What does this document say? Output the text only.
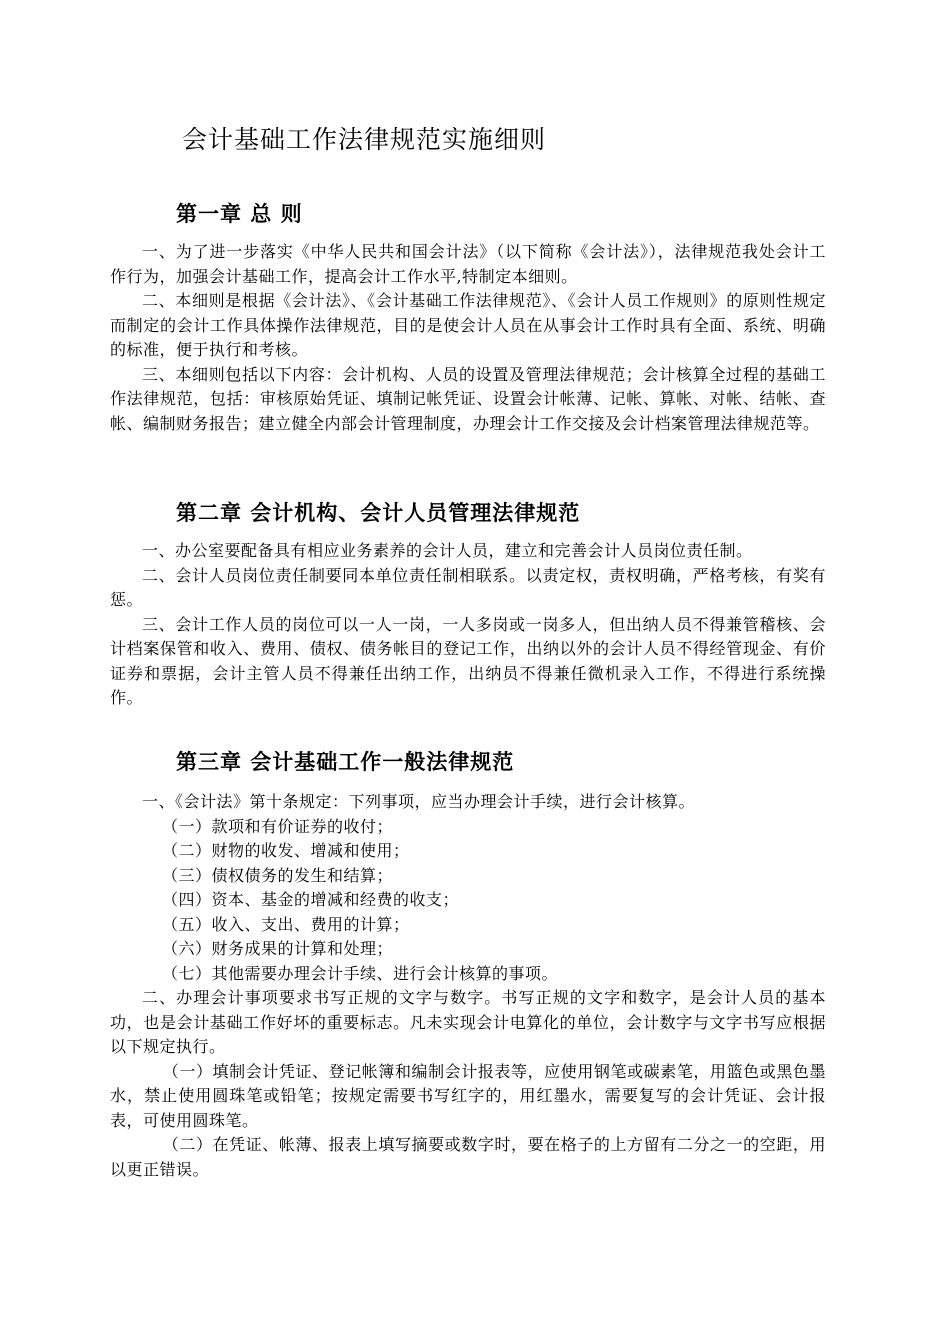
会计基础工作法律规范实施细则
第一章 总 则

一、为了进一步落实《中华人民共和国会计法》（以下简称《会计法》），法律规范我处会计工作行为，加强会计基础工作，提高会计工作水平,特制定本细则。

二、本细则是根据《会计法》、《会计基础工作法律规范》、《会计人员工作规则》的原则性规定而制定的会计工作具体操作法律规范，目的是使会计人员在从事会计工作时具有全面、系统、明确的标准，便于执行和考核。

三、本细则包括以下内容：会计机构、人员的设置及管理法律规范；会计核算全过程的基础工作法律规范，包括：审核原始凭证、填制记帐凭证、设置会计帐薄、记帐、算帐、对帐、结帐、查帐、编制财务报告；建立健全内部会计管理制度，办理会计工作交接及会计档案管理法律规范等。

第二章 会计机构、会计人员管理法律规范

一、办公室要配备具有相应业务素养的会计人员，建立和完善会计人员岗位责任制。

二、会计人员岗位责任制要同本单位责任制相联系。以责定权，责权明确，严格考核，有奖有惩。

三、会计工作人员的岗位可以一人一岗，一人多岗或一岗多人，但出纳人员不得兼管稽核、会计档案保管和收入、费用、债权、债务帐目的登记工作，出纳以外的会计人员不得经管现金、有价证券和票据，会计主管人员不得兼任出纳工作，出纳员不得兼任微机录入工作，不得进行系统操作。

第三章 会计基础工作一般法律规范

一、《会计法》第十条规定：下列事项，应当办理会计手续，进行会计核算。

（一）款项和有价证券的收付；

（二）财物的收发、增减和使用；

（三）债权债务的发生和结算；

（四）资本、基金的增减和经费的收支；

（五）收入、支出、费用的计算；

（六）财务成果的计算和处理；

（七）其他需要办理会计手续、进行会计核算的事项。

二、办理会计事项要求书写正规的文字与数字。书写正规的文字和数字，是会计人员的基本功，也是会计基础工作好坏的重要标志。凡未实现会计电算化的单位，会计数字与文字书写应根据以下规定执行。

（一）填制会计凭证、登记帐簿和编制会计报表等，应使用钢笔或碳素笔，用篮色或黑色墨水，禁止使用圆珠笔或铅笔；按规定需要书写红字的，用红墨水，需要复写的会计凭证、会计报表，可使用圆珠笔。

（二）在凭证、帐薄、报表上填写摘要或数字时，要在格子的上方留有二分之一的空距，用以更正错误。
